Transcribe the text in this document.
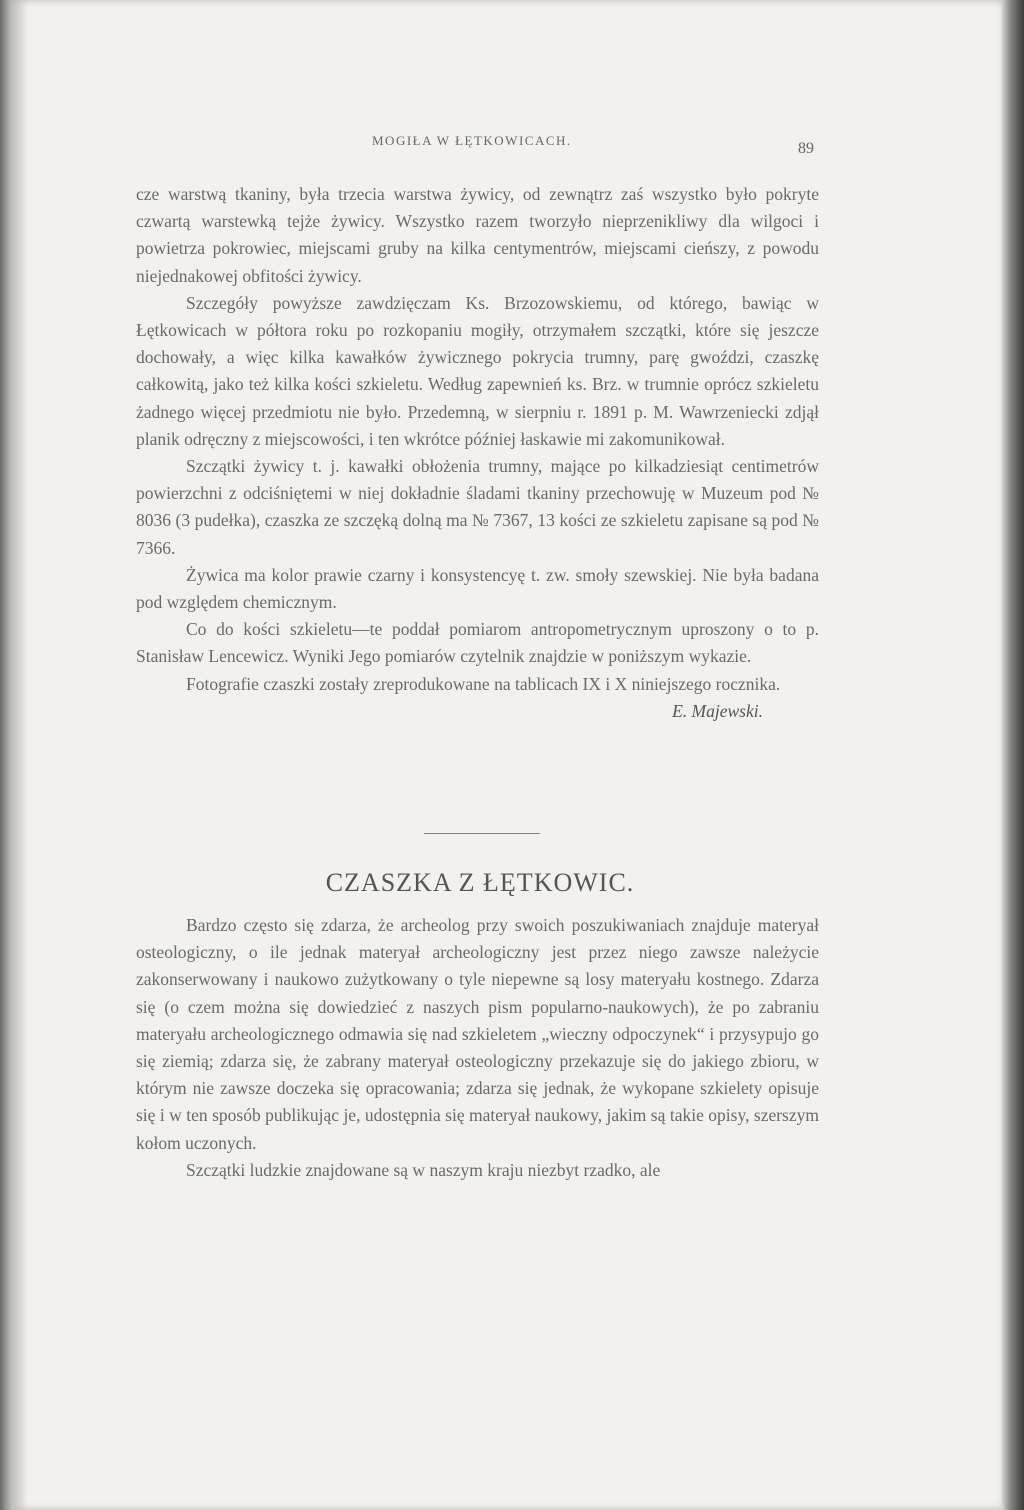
MOGIŁA W ŁĘTKOWICACH.	89

cze warstwą tkaniny, była trzecia warstwa żywicy, od zewnątrz zaś wszystko było pokryte czwartą warstewką tejże żywicy. Wszystko razem tworzyło nieprzenikliwy dla wilgoci i powietrza pokrowiec, miejscami gruby na kilka centymentrów, miejscami cieńszy, z powodu niejednakowej obfitości żywicy.

Szczegóły powyższe zawdzięczam Ks. Brzozowskiemu, od którego, bawiąc w Łętkowicach w półtora roku po rozkopaniu mogiły, otrzymałem szczątki, które się jeszcze dochowały, a więc kilka kawałków żywicznego pokrycia trumny, parę gwoździ, czaszkę całkowitą, jako też kilka kości szkieletu. Według zapewnień ks. Brz. w trumnie oprócz szkieletu żadnego więcej przedmiotu nie było. Przedemną, w sierpniu r. 1891 p. M. Wawrzeniecki zdjął planik odręczny z miejscowości, i ten wkrótce później łaskawie mi zakomunikował.

Szczątki żywicy t. j. kawałki obłożenia trumny, mające po kilkadziesiąt centimetrów powierzchni z odciśniętemi w niej dokładnie śladami tkaniny przechowuję w Muzeum pod № 8036 (3 pudełka), czaszka ze szczęką dolną ma № 7367, 13 kości ze szkieletu zapisane są pod № 7366.

Żywica ma kolor prawie czarny i konsystencyę t. zw. smoły szewskiej. Nie była badana pod względem chemicznym.

Co do kości szkieletu—te poddał pomiarom antropometrycznym uproszony o to p. Stanisław Lencewicz. Wyniki Jego pomiarów czytelnik znajdzie w poniższym wykazie.

Fotografie czaszki zostały zreprodukowane na tablicach IX i X niniejszego rocznika.

E. Majewski.
CZASZKA Z ŁĘTKOWIC.

Bardzo często się zdarza, że archeolog przy swoich poszukiwaniach znajduje materyał osteologiczny, o ile jednak materyał archeologiczny jest przez niego zawsze należycie zakonserwowany i naukowo zużytkowany o tyle niepewne są losy materyału kostnego. Zdarza się (o czem można się dowiedzieć z naszych pism popularno-naukowych), że po zabraniu materyału archeologicznego odmawia się nad szkieletem „wieczny odpoczynek“ i przysypujo go się ziemią; zdarza się, że zabrany materyał osteologiczny przekazuje się do jakiego zbioru, w którym nie zawsze doczeka się opracowania; zdarza się jednak, że wykopane szkielety opisuje się i w ten sposób publikując je, udostępnia się materyał naukowy, jakim są takie opisy, szerszym kołom uczonych.

Szczątki ludzkie znajdowane są w naszym kraju niezbyt rzadko, ale
